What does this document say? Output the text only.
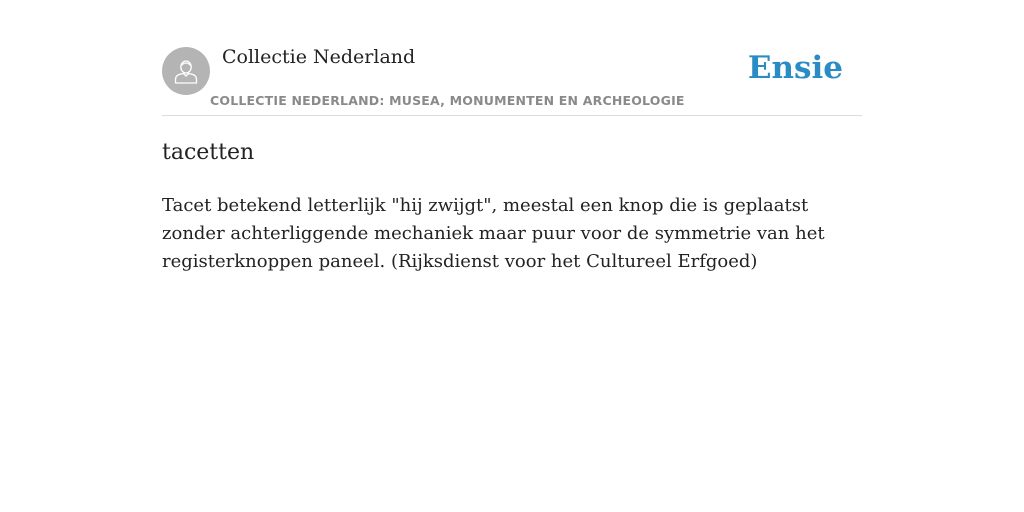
Collectie Nederland
COLLECTIE NEDERLAND: MUSEA, MONUMENTEN EN ARCHEOLOGIE
Ensie
tacetten

Tacet betekend letterlijk "hij zwijgt", meestal een knop die is geplaatst zonder achterliggende mechaniek maar puur voor de symmetrie van het registerknoppen paneel. (Rijksdienst voor het Cultureel Erfgoed)
